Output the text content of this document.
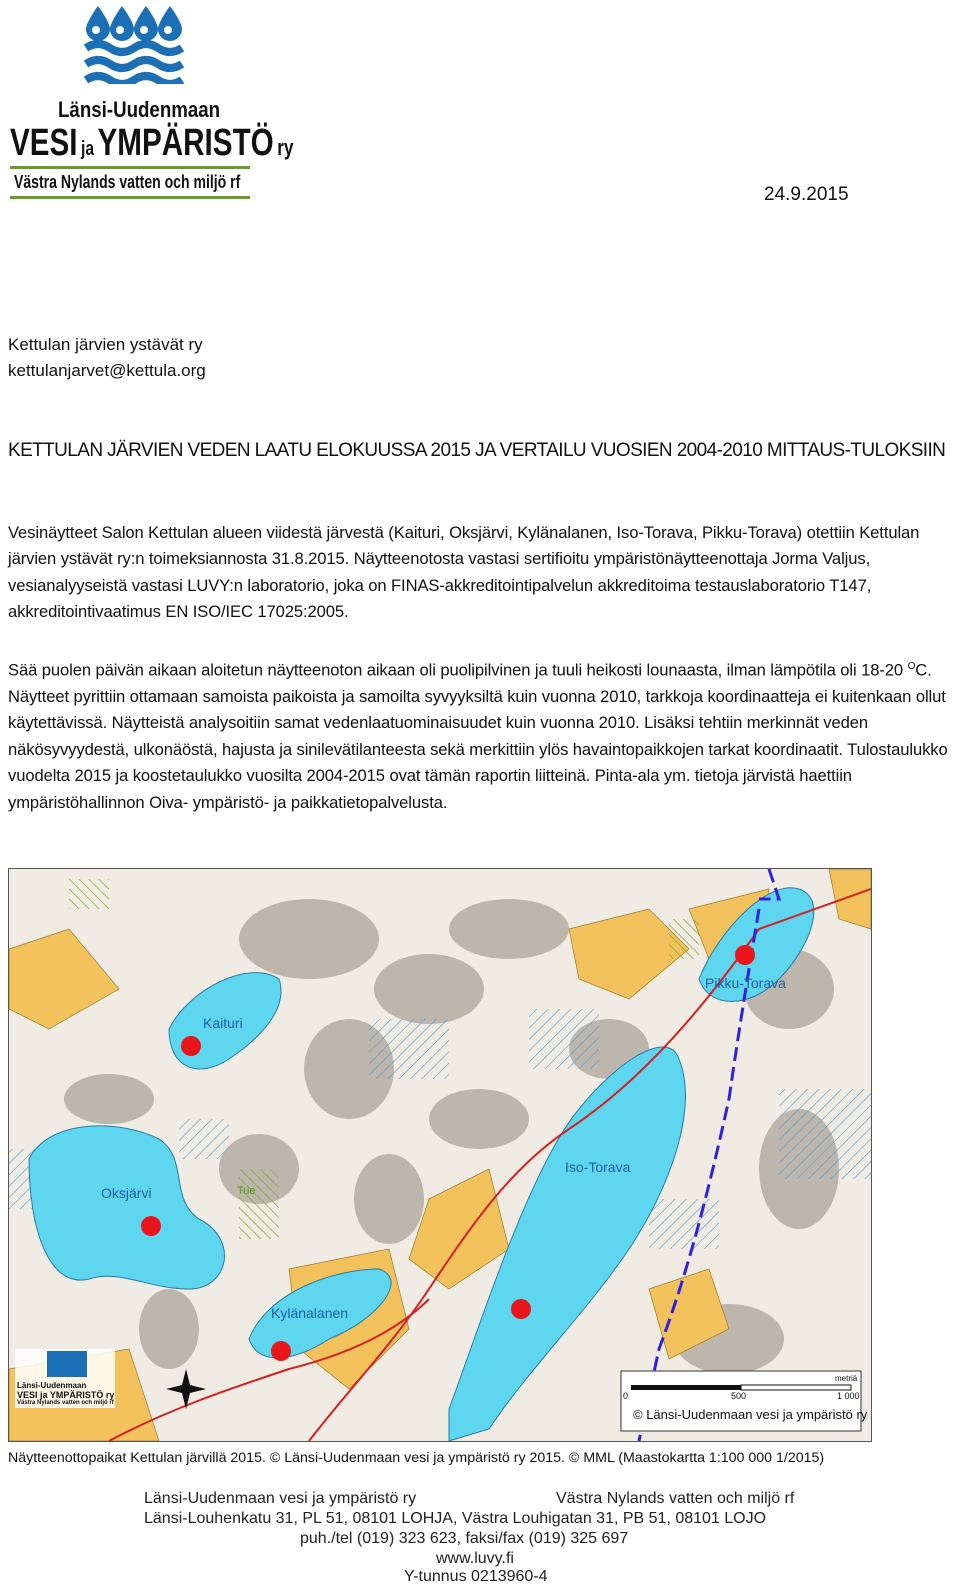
Länsi-Uudenmaan
VESI ja YMPÄRISTÖ ry
Västra Nylands vatten och miljö rf
24.9.2015
Kettulan järvien ystävät ry
kettulanjarvet@kettula.org
KETTULAN JÄRVIEN VEDEN LAATU ELOKUUSSA 2015 JA VERTAILU VUOSIEN 2004-2010 MITTAUS-TULOKSIIN
Vesinäytteet Salon Kettulan alueen viidestä järvestä (Kaituri, Oksjärvi, Kylänalanen, Iso-Torava, Pikku-Torava) otettiin Kettulan järvien ystävät ry:n toimeksiannosta 31.8.2015. Näytteenotosta vastasi sertifioitu ympäristönäytteenottaja Jorma Valjus, vesianalyyseistä vastasi LUVY:n laboratorio, joka on FINAS-akkreditointipalvelun akkreditoima testauslaboratorio T147, akkreditointivaatimus EN ISO/IEC 17025:2005.
Sää puolen päivän aikaan aloitetun näytteenoton aikaan oli puolipilvinen ja tuuli heikosti lounaasta, ilman lämpötila oli 18-20 $^O$C. Näytteet pyrittiin ottamaan samoista paikoista ja samoilta syvyyksiltä kuin vuonna 2010, tarkkoja koordinaatteja ei kuitenkaan ollut käytettävissä. Näytteistä analysoitiin samat vedenlaatuominaisuudet kuin vuonna 2010. Lisäksi tehtiin merkinnät veden näkösyvyydestä, ulkonäöstä, hajusta ja sinilevätilanteesta sekä merkittiin ylös havaintopaikkojen tarkat koordinaatit. Tulostaulukko vuodelta 2015 ja koostetaulukko vuosilta 2004-2015 ovat tämän raportin liitteinä. Pinta-ala ym. tietoja järvistä haettiin ympäristöhallinnon Oiva- ympäristö- ja paikkatietopalvelusta.
Kaituri
Oksjärvi
Kylänalanen
Iso-Torava
Pikku-Torava
Tue
0	500	1 000
metriä
© Länsi-Uudenmaan vesi ja ympäristö ry
Länsi-Uudenmaan
VESI ja YMPÄRISTÖ ry
Västra Nylands vatten och miljö rf
Näytteenottopaikat Kettulan järvillä 2015. © Länsi-Uudenmaan vesi ja ympäristö ry 2015. © MML (Maastokartta 1:100 000 1/2015)
Länsi-Uudenmaan vesi ja ympäristö ry	Västra Nylands vatten och miljö rf
Länsi-Louhenkatu 31, PL 51, 08101 LOHJA, Västra Louhigatan 31, PB 51, 08101 LOJO
puh./tel (019) 323 623, faksi/fax (019) 325 697
www.luvy.fi
Y-tunnus 0213960-4
